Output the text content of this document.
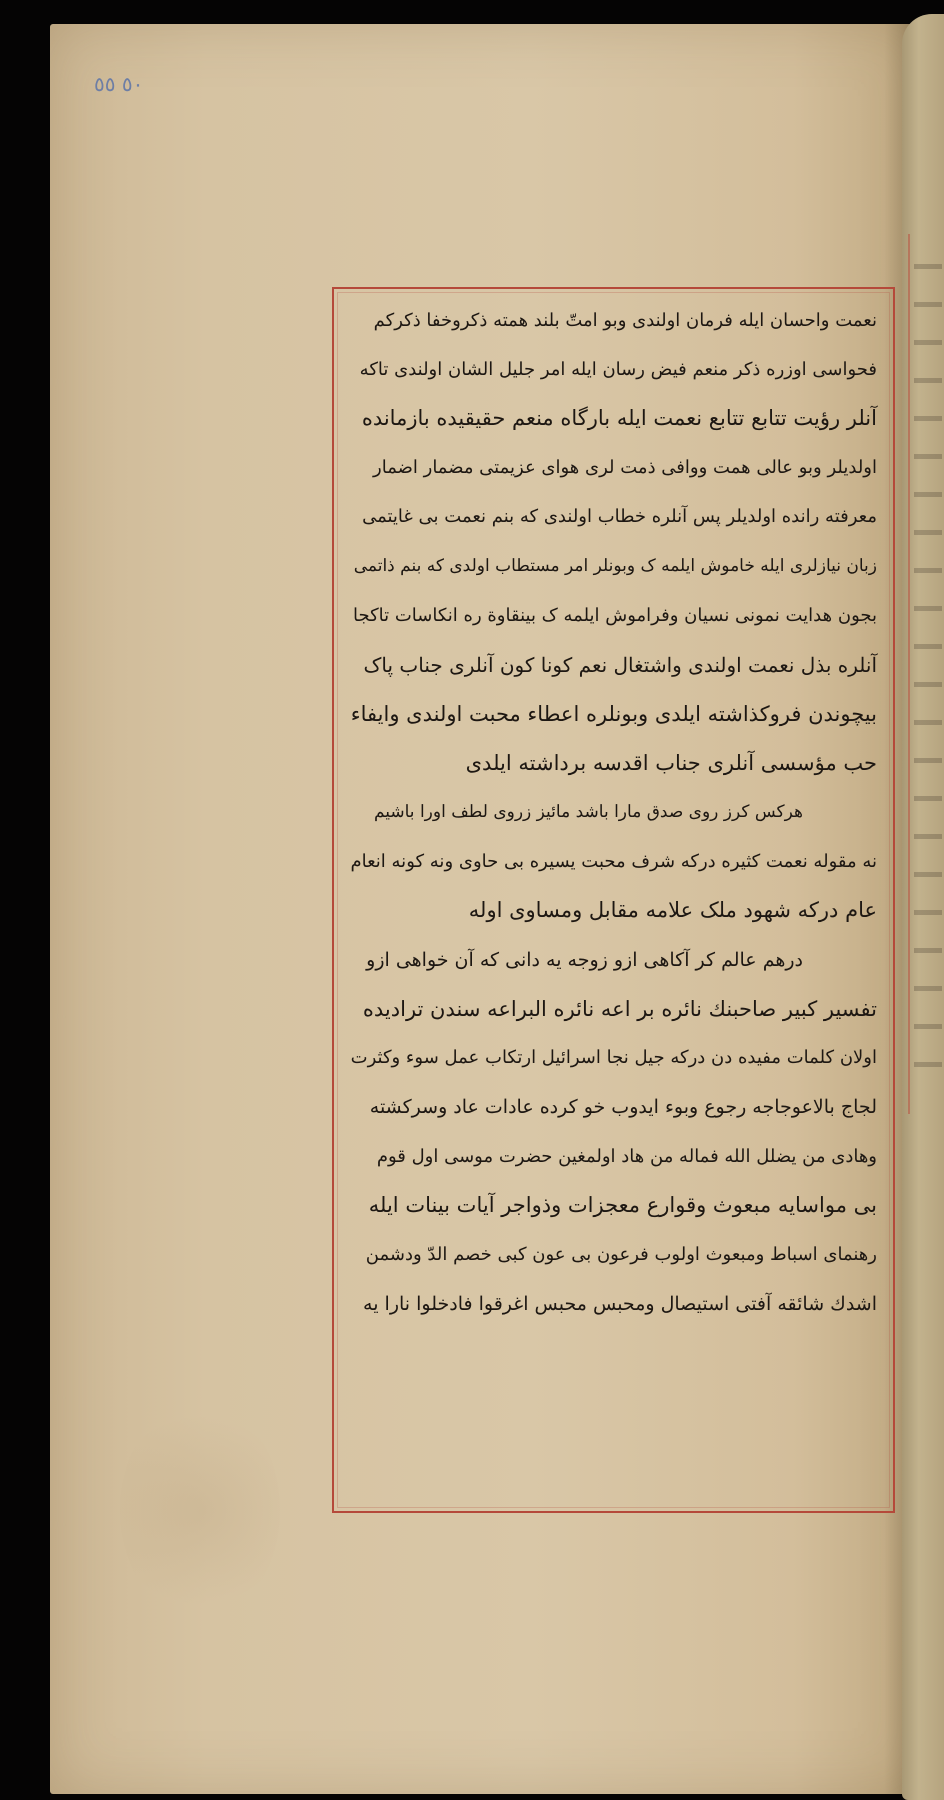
٥٠ ٥٥
نعمت واحسان ایله فرمان اولندی وبو امتّ بلند همته ذکروخفا ذکرکم
فحواسی اوزره ذکر منعم فیض رسان ایله امر جلیل الشان اولندی تاکه
آنلر رؤیت تتابع تتابع نعمت ایله بارگاه منعم حقیقیده بازمانده
اولدیلر وبو عالی همت ووافی ذمت لری هوای عزیمتی مضمار اضمار
معرفته رانده اولدیلر پس آنلره خطاب اولندی که بنم نعمت بی غایتمی
زبان نیازلری ایله خاموش ایلمه ک وبونلر امر مستطاب اولدی که بنم ذاتمی
بجون هدایت نمونی نسیان وفراموش ایلمه ک بینقاوة ره انکاسات تاکجا
آنلره بذل نعمت اولندی واشتغال نعم کونا کون آنلری جناب پاک
بیچوندن فروکذاشته ایلدی وبونلره اعطاء محبت اولندی وایفاء
حب مؤسسی آنلری جناب اقدسه برداشته ایلدی
هرکس کرز روی صدق مارا باشد مائیز زروی لطف اورا باشیم
نه مقوله نعمت کثیره درکه شرف محبت یسیره بی حاوی ونه کونه انعام
عام درکه شهود ملک علامه مقابل ومساوی اوله
درهم عالم کر آکاهی ازو زوجه یه دانی که آن خواهی ازو
تفسیر کبیر صاحبنك نائره بر اعه نائره البراعه سندن ترادیده
اولان کلمات مفیده دن درکه جیل نجا اسرائیل ارتکاب عمل سوء وکثرت
لجاج بالاعوجاجه رجوع وبوء ایدوب خو کرده عادات عاد وسرکشته
وهادی من یضلل الله فماله من هاد اولمغین حضرت موسی اول قوم
بی مواسایه مبعوث وقوارع معجزات وذواجر آیات بینات ایله
رهنمای اسباط ومبعوث اولوب فرعون بی عون کبی خصم الدّ ودشمن
اشدك شائقه آفتی استیصال ومحبس محبس اغرقوا فادخلوا نارا یه
